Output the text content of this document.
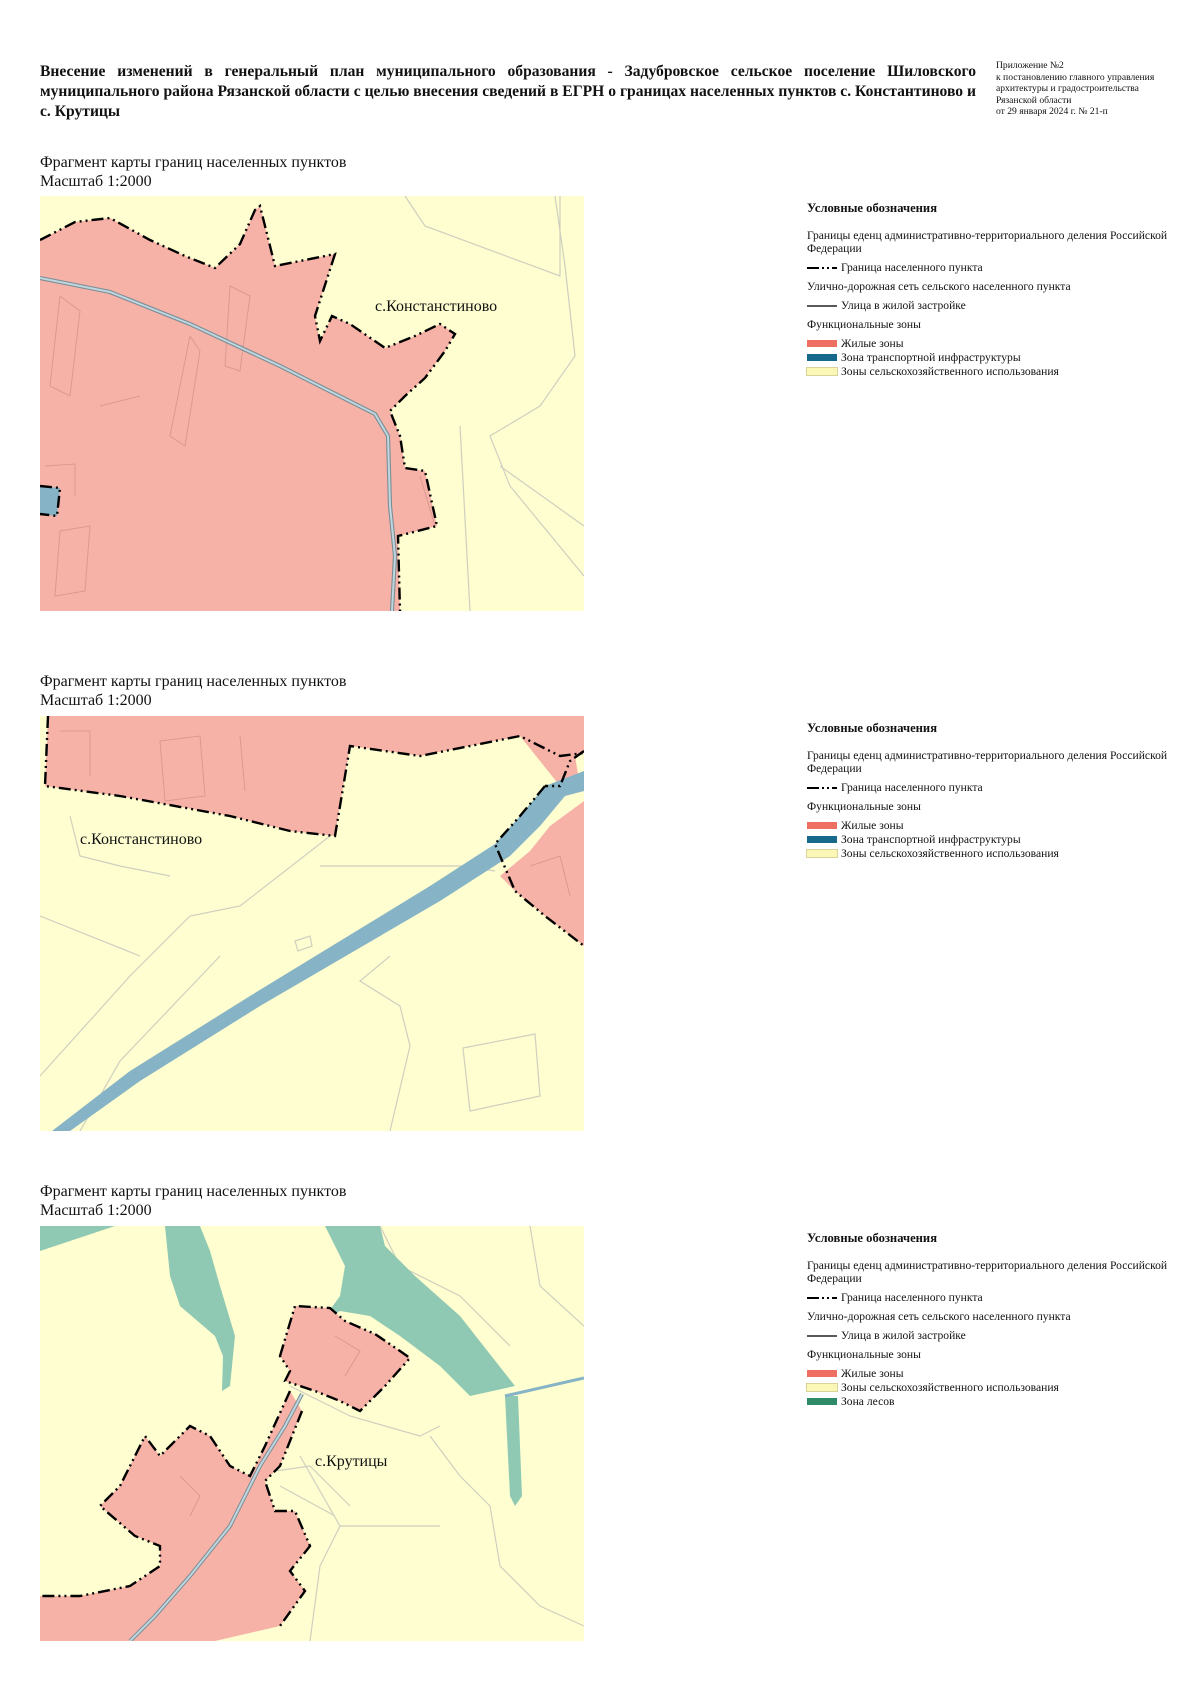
Внесение изменений в генеральный план муниципального образования - Задубровское сельское поселение Шиловского муниципального района Рязанской области с целью внесения сведений в ЕГРН о границах населенных пунктов с. Константиново и с. Крутицы
Приложение №2
к постановлению главного управления
архитектуры и градостроительства
Рязанской области
от 29 января 2024 г. № 21-п
Фрагмент карты границ населенных пунктов
Масштаб 1:2000
с.Констанстиново
Условные обозначения
Границы еденц административно-территориального деления Российской Федерации
Граница населенного пункта
Улично-дорожная сеть сельского населенного пункта
Улица в жилой застройке
Функциональные зоны
Жилые зоны
Зона транспортной инфраструктуры
Зоны сельскохозяйственного использования
Фрагмент карты границ населенных пунктов
Масштаб 1:2000
с.Констанстиново
Условные обозначения
Границы еденц административно-территориального деления Российской Федерации
Граница населенного пункта
Функциональные зоны
Жилые зоны
Зона транспортной инфраструктуры
Зоны сельскохозяйственного использования
Фрагмент карты границ населенных пунктов
Масштаб 1:2000
с.Крутицы
Условные обозначения
Границы еденц административно-территориального деления Российской Федерации
Граница населенного пункта
Улично-дорожная сеть сельского населенного пункта
Улица в жилой застройке
Функциональные зоны
Жилые зоны
Зоны сельскохозяйственного использования
Зона лесов
